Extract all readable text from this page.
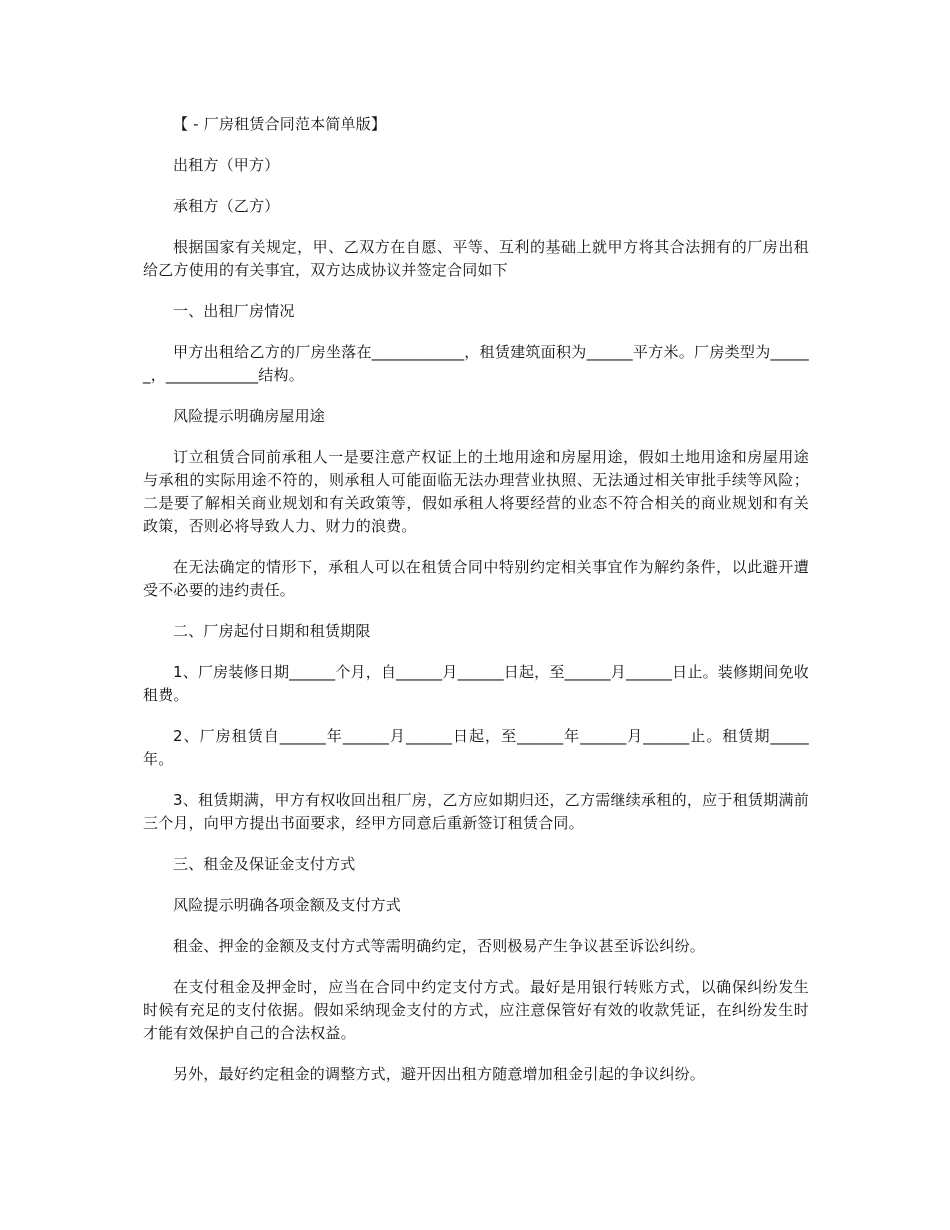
【 - 厂房租赁合同范本简单版】

出租方（甲方）

承租方（乙方）

根据国家有关规定，甲、乙双方在自愿、平等、互利的基础上就甲方将其合法拥有的厂房出租给乙方使用的有关事宜，双方达成协议并签定合同如下

一、出租厂房情况

甲方出租给乙方的厂房坐落在____________，租赁建筑面积为______平方米。厂房类型为______，____________结构。

风险提示明确房屋用途

订立租赁合同前承租人一是要注意产权证上的土地用途和房屋用途，假如土地用途和房屋用途与承租的实际用途不符的，则承租人可能面临无法办理营业执照、无法通过相关审批手续等风险；二是要了解相关商业规划和有关政策等，假如承租人将要经营的业态不符合相关的商业规划和有关政策，否则必将导致人力、财力的浪费。

在无法确定的情形下，承租人可以在租赁合同中特别约定相关事宜作为解约条件，以此避开遭受不必要的违约责任。

二、厂房起付日期和租赁期限

1、厂房装修日期______个月，自______月______日起，至______月______日止。装修期间免收租费。

2、厂房租赁自______年______月______日起，至______年______月______止。租赁期_____年。

3、租赁期满，甲方有权收回出租厂房，乙方应如期归还，乙方需继续承租的，应于租赁期满前三个月，向甲方提出书面要求，经甲方同意后重新签订租赁合同。

三、租金及保证金支付方式

风险提示明确各项金额及支付方式

租金、押金的金额及支付方式等需明确约定，否则极易产生争议甚至诉讼纠纷。

在支付租金及押金时，应当在合同中约定支付方式。最好是用银行转账方式，以确保纠纷发生时候有充足的支付依据。假如采纳现金支付的方式，应注意保管好有效的收款凭证，在纠纷发生时才能有效保护自己的合法权益。

另外，最好约定租金的调整方式，避开因出租方随意增加租金引起的争议纠纷。
